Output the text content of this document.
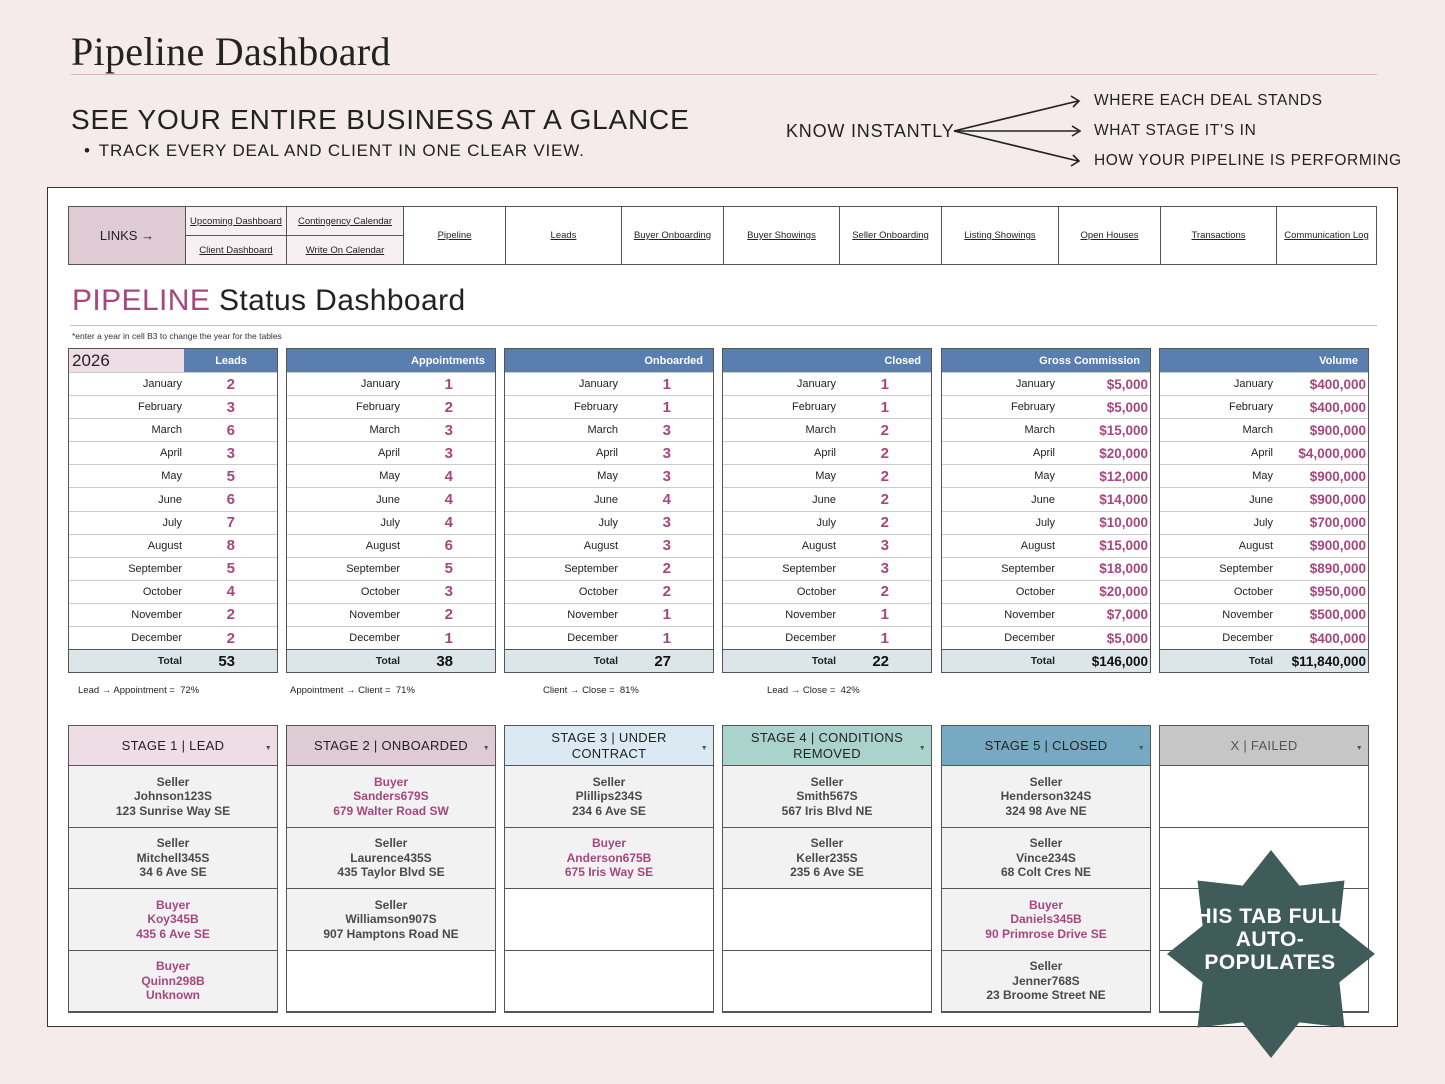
Pipeline Dashboard
SEE YOUR ENTIRE BUSINESS AT A GLANCE
• TRACK EVERY DEAL AND CLIENT IN ONE CLEAR VIEW.
KNOW INSTANTLY
WHERE EACH DEAL STANDS
WHAT STAGE IT’S IN
HOW YOUR PIPELINE IS PERFORMING
LINKS →
Upcoming Dashboard
Client Dashboard
Contingency Calendar
Write On Calendar
Pipeline	Leads	Buyer Onboarding	Buyer Showings	Seller Onboarding	Listing Showings	Open Houses	Transactions	Communication Log
PIPELINE Status Dashboard
*enter a year in cell B3 to change the year for the tables
2026	Leads
January	2
February	3
March	6
April	3
May	5
June	6
July	7
August	8
September	5
October	4
November	2
December	2
Total	53
Appointments
January	1
February	2
March	3
April	3
May	4
June	4
July	4
August	6
September	5
October	3
November	2
December	1
Total	38
Onboarded
January	1
February	1
March	3
April	3
May	3
June	4
July	3
August	3
September	2
October	2
November	1
December	1
Total	27
Closed
January	1
February	1
March	2
April	2
May	2
June	2
July	2
August	3
September	3
October	2
November	1
December	1
Total	22
Gross Commission
January	$5,000
February	$5,000
March	$15,000
April	$20,000
May	$12,000
June	$14,000
July	$10,000
August	$15,000
September	$18,000
October	$20,000
November	$7,000
December	$5,000
Total	$146,000
Volume
January	$400,000
February	$400,000
March	$900,000
April	$4,000,000
May	$900,000
June	$900,000
July	$700,000
August	$900,000
September	$890,000
October	$950,000
November	$500,000
December	$400,000
Total	$11,840,000
Lead → Appointment = 72%	Appointment → Client = 71%	Client → Close = 81%	Lead → Close = 42%
STAGE 1 | LEAD	▼
Seller
Johnson123S
123 Sunrise Way SE
Seller
Mitchell345S
34 6 Ave SE
Buyer
Koy345B
435 6 Ave SE
Buyer
Quinn298B
Unknown
STAGE 2 | ONBOARDED ▼
Buyer
Sanders679S
679 Walter Road SW
Seller
Laurence435S
435 Taylor Blvd SE
Seller
Williamson907S
907 Hamptons Road NE
STAGE 3 | UNDER CONTRACT	▼
Seller
Plillips234S
234 6 Ave SE
Buyer
Anderson675B
675 Iris Way SE
STAGE 4 | CONDITIONS REMOVED	▼
Seller
Smith567S
567 Iris Blvd NE
Seller
Keller235S
235 6 Ave SE
STAGE 5 | CLOSED	▼
Seller
Henderson324S
324 98 Ave NE
Seller
Vince234S
68 Colt Cres NE
Buyer
Daniels345B
90 Primrose Drive SE
Seller
Jenner768S
23 Broome Street NE
X | FAILED	▼
THIS TAB FULLY AUTO-POPULATES
